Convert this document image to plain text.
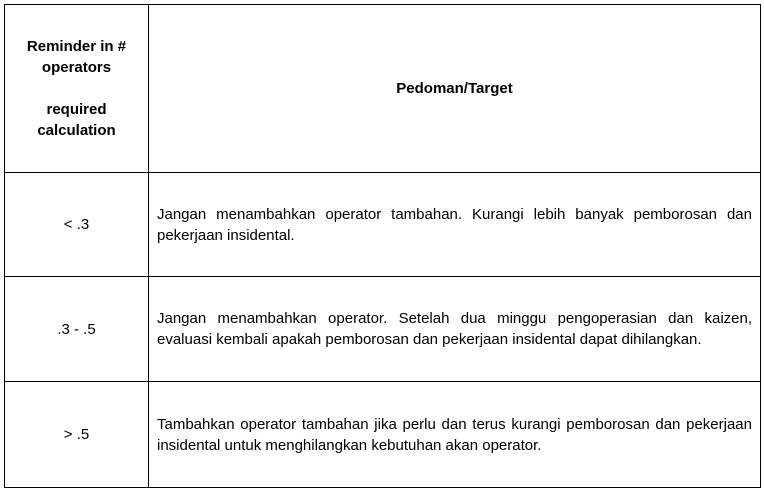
Reminder in #
operators
required
calculation	Pedoman/Target
< .3	Jangan menambahkan operator tambahan. Kurangi lebih banyak pemborosan dan pekerjaan insidental.
.3 - .5	Jangan menambahkan operator. Setelah dua minggu pengoperasian dan kaizen, evaluasi kembali apakah pemborosan dan pekerjaan insidental dapat dihilangkan.
> .5	Tambahkan operator tambahan jika perlu dan terus kurangi pemborosan dan pekerjaan insidental untuk menghilangkan kebutuhan akan operator.
